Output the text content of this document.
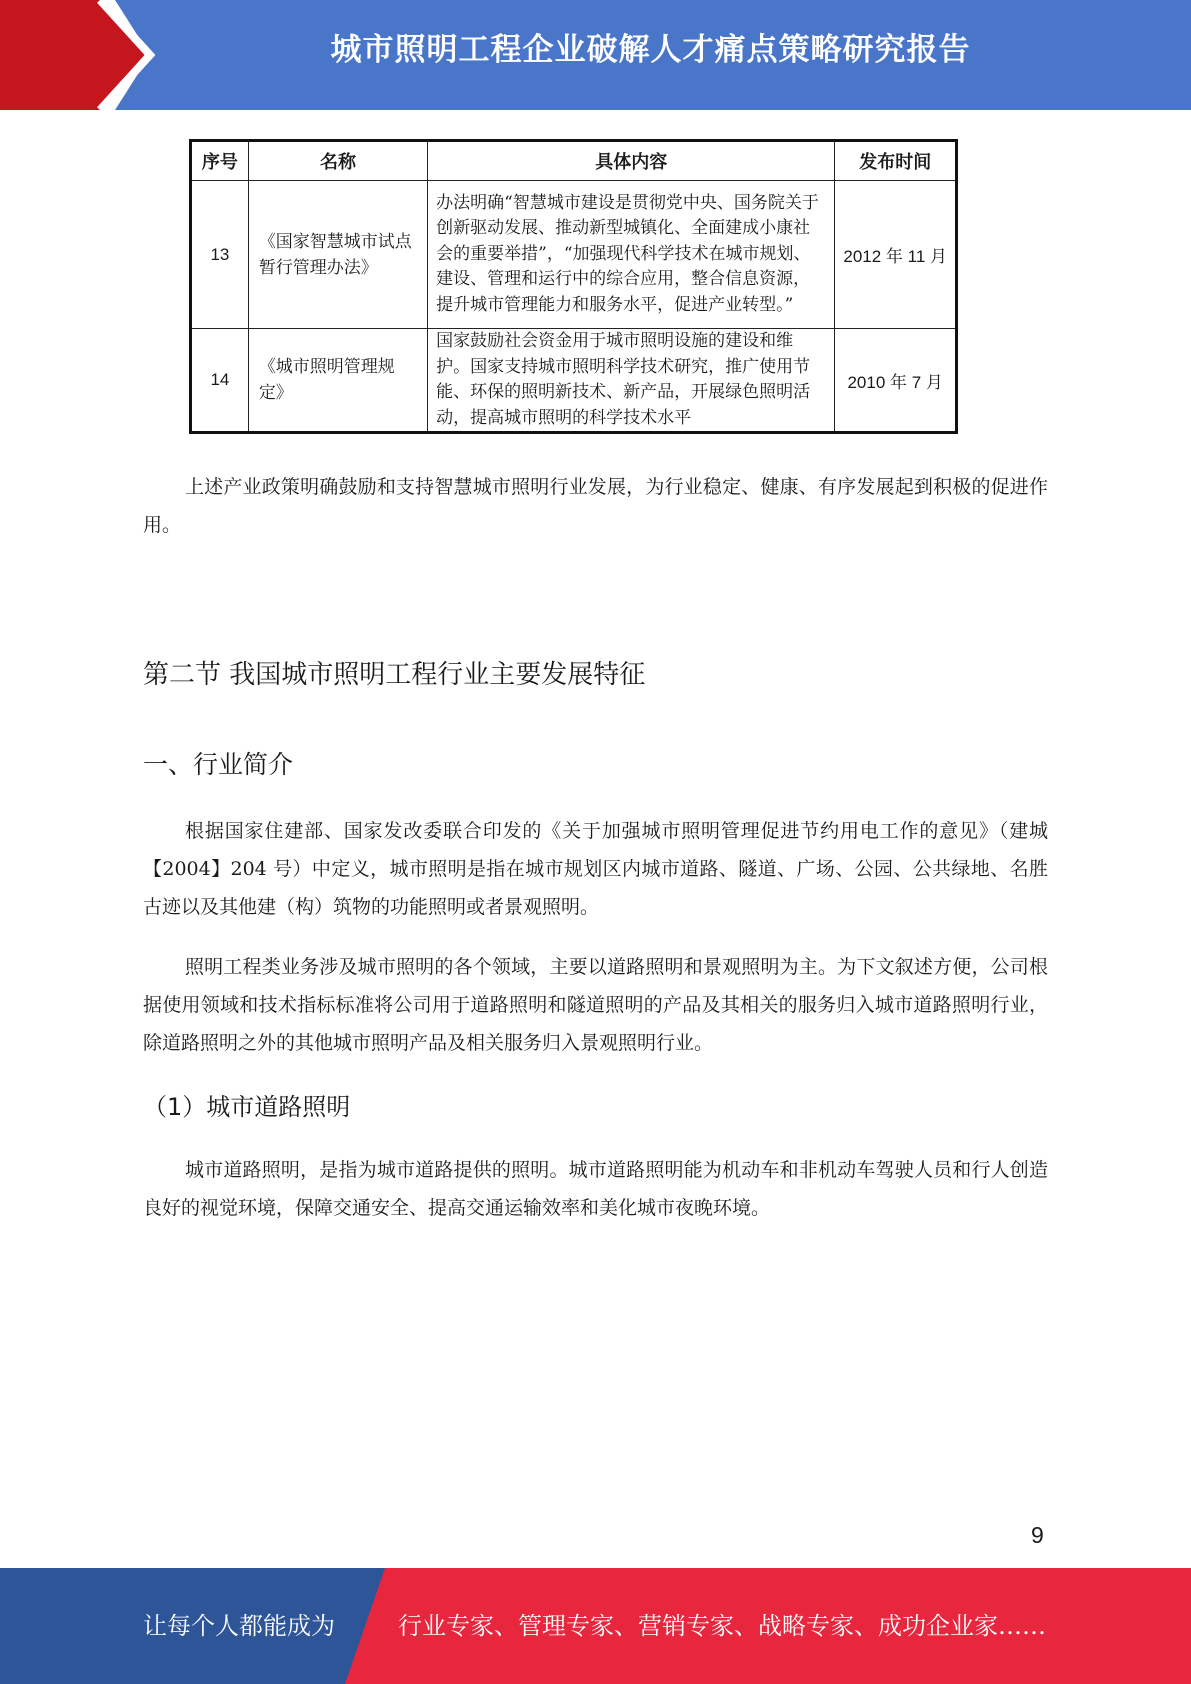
城市照明工程企业破解人才痛点策略研究报告
序号	名称	具体内容	发布时间
13	《国家智慧城市试点暂行管理办法》	办法明确“智慧城市建设是贯彻党中央、国务院关于创新驱动发展、推动新型城镇化、全面建成小康社会的重要举措”，“加强现代科学技术在城市规划、建设、管理和运行中的综合应用，整合信息资源，提升城市管理能力和服务水平，促进产业转型。”	2012 年 11 月
14	《城市照明管理规定》	国家鼓励社会资金用于城市照明设施的建设和维护。国家支持城市照明科学技术研究，推广使用节能、环保的照明新技术、新产品，开展绿色照明活动，提高城市照明的科学技术水平	2010 年 7 月

上述产业政策明确鼓励和支持智慧城市照明行业发展，为行业稳定、健康、有序发展起到积极的促进作用。

第二节 我国城市照明工程行业主要发展特征
一、行业简介

根据国家住建部、国家发改委联合印发的《关于加强城市照明管理促进节约用电工作的意见》（建城【2004】204 号）中定义，城市照明是指在城市规划区内城市道路、隧道、广场、公园、公共绿地、名胜古迹以及其他建（构）筑物的功能照明或者景观照明。

照明工程类业务涉及城市照明的各个领域，主要以道路照明和景观照明为主。为下文叙述方便，公司根据使用领域和技术指标标准将公司用于道路照明和隧道照明的产品及其相关的服务归入城市道路照明行业，除道路照明之外的其他城市照明产品及相关服务归入景观照明行业。

（1）城市道路照明

城市道路照明，是指为城市道路提供的照明。城市道路照明能为机动车和非机动车驾驶人员和行人创造良好的视觉环境，保障交通安全、提高交通运输效率和美化城市夜晚环境。

9
让每个人都能成为	行业专家、管理专家、营销专家、战略专家、成功企业家……
